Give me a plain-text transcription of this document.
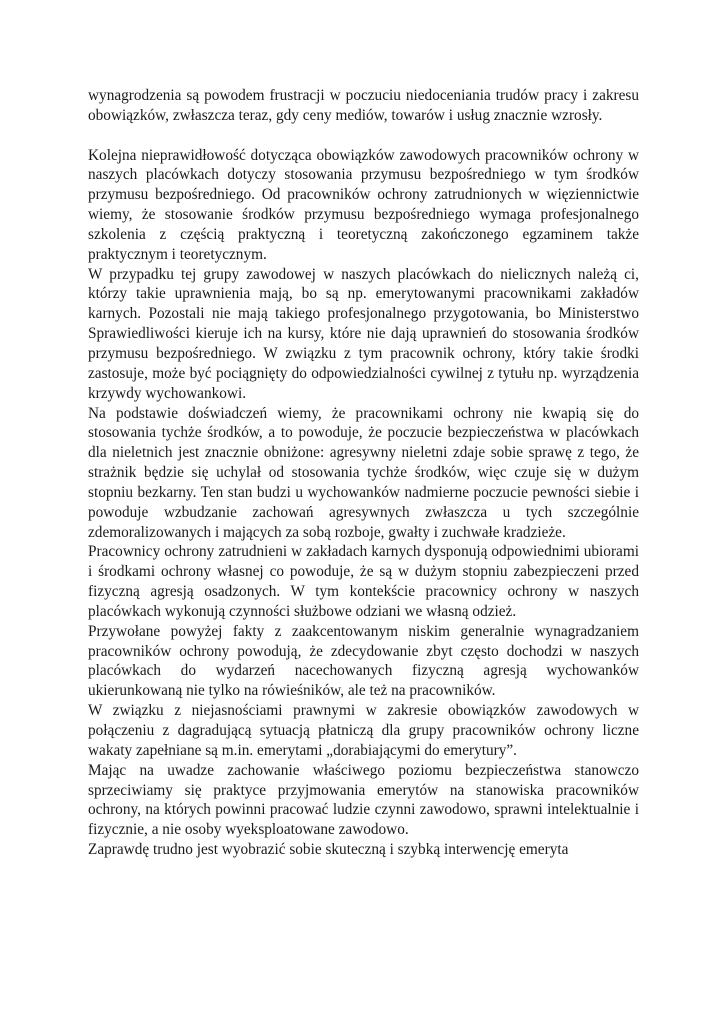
wynagrodzenia są powodem frustracji w poczuciu niedoceniania trudów pracy i zakresu obowiązków, zwłaszcza teraz, gdy ceny mediów, towarów i usług znacznie wzrosły.

Kolejna nieprawidłowość dotycząca obowiązków zawodowych pracowników ochrony w naszych placówkach dotyczy stosowania przymusu bezpośredniego w tym środków przymusu bezpośredniego. Od pracowników ochrony zatrudnionych w więziennictwie wiemy, że stosowanie środków przymusu bezpośredniego wymaga profesjonalnego szkolenia z częścią praktyczną i teoretyczną zakończonego egzaminem także praktycznym i teoretycznym.

W przypadku tej grupy zawodowej w naszych placówkach do nielicznych należą ci, którzy takie uprawnienia mają, bo są np. emerytowanymi pracownikami zakładów karnych. Pozostali nie mają takiego profesjonalnego przygotowania, bo Ministerstwo Sprawiedliwości kieruje ich na kursy, które nie dają uprawnień do stosowania środków przymusu bezpośredniego. W związku z tym pracownik ochrony, który takie środki zastosuje, może być pociągnięty do odpowiedzialności cywilnej z tytułu np. wyrządzenia krzywdy wychowankowi.

Na podstawie doświadczeń wiemy, że pracownikami ochrony nie kwapią się do stosowania tychże środków, a to powoduje, że poczucie bezpieczeństwa w placówkach dla nieletnich jest znacznie obniżone: agresywny nieletni zdaje sobie sprawę z tego, że strażnik będzie się uchylał od stosowania tychże środków, więc czuje się w dużym stopniu bezkarny. Ten stan budzi u wychowanków nadmierne poczucie pewności siebie i powoduje wzbudzanie zachowań agresywnych zwłaszcza u tych szczególnie zdemoralizowanych i mających za sobą rozboje, gwałty i zuchwałe kradzieże.

Pracownicy ochrony zatrudnieni w zakładach karnych dysponują odpowiednimi ubiorami i środkami ochrony własnej co powoduje, że są w dużym stopniu zabezpieczeni przed fizyczną agresją osadzonych. W tym kontekście pracownicy ochrony w naszych placówkach wykonują czynności służbowe odziani we własną odzież.

Przywołane powyżej fakty z zaakcentowanym niskim generalnie wynagradzaniem pracowników ochrony powodują, że zdecydowanie zbyt często dochodzi w naszych placówkach do wydarzeń nacechowanych fizyczną agresją wychowanków ukierunkowaną nie tylko na rówieśników, ale też na pracowników.

W związku z niejasnościami prawnymi w zakresie obowiązków zawodowych w połączeniu z dagradującą sytuacją płatniczą dla grupy pracowników ochrony liczne wakaty zapełniane są m.in. emerytami „dorabiającymi do emerytury”.

Mając na uwadze zachowanie właściwego poziomu bezpieczeństwa stanowczo sprzeciwiamy się praktyce przyjmowania emerytów na stanowiska pracowników ochrony, na których powinni pracować ludzie czynni zawodowo, sprawni intelektualnie i fizycznie, a nie osoby wyeksploatowane zawodowo.

Zaprawdę trudno jest wyobrazić sobie skuteczną i szybką interwencję emeryta
